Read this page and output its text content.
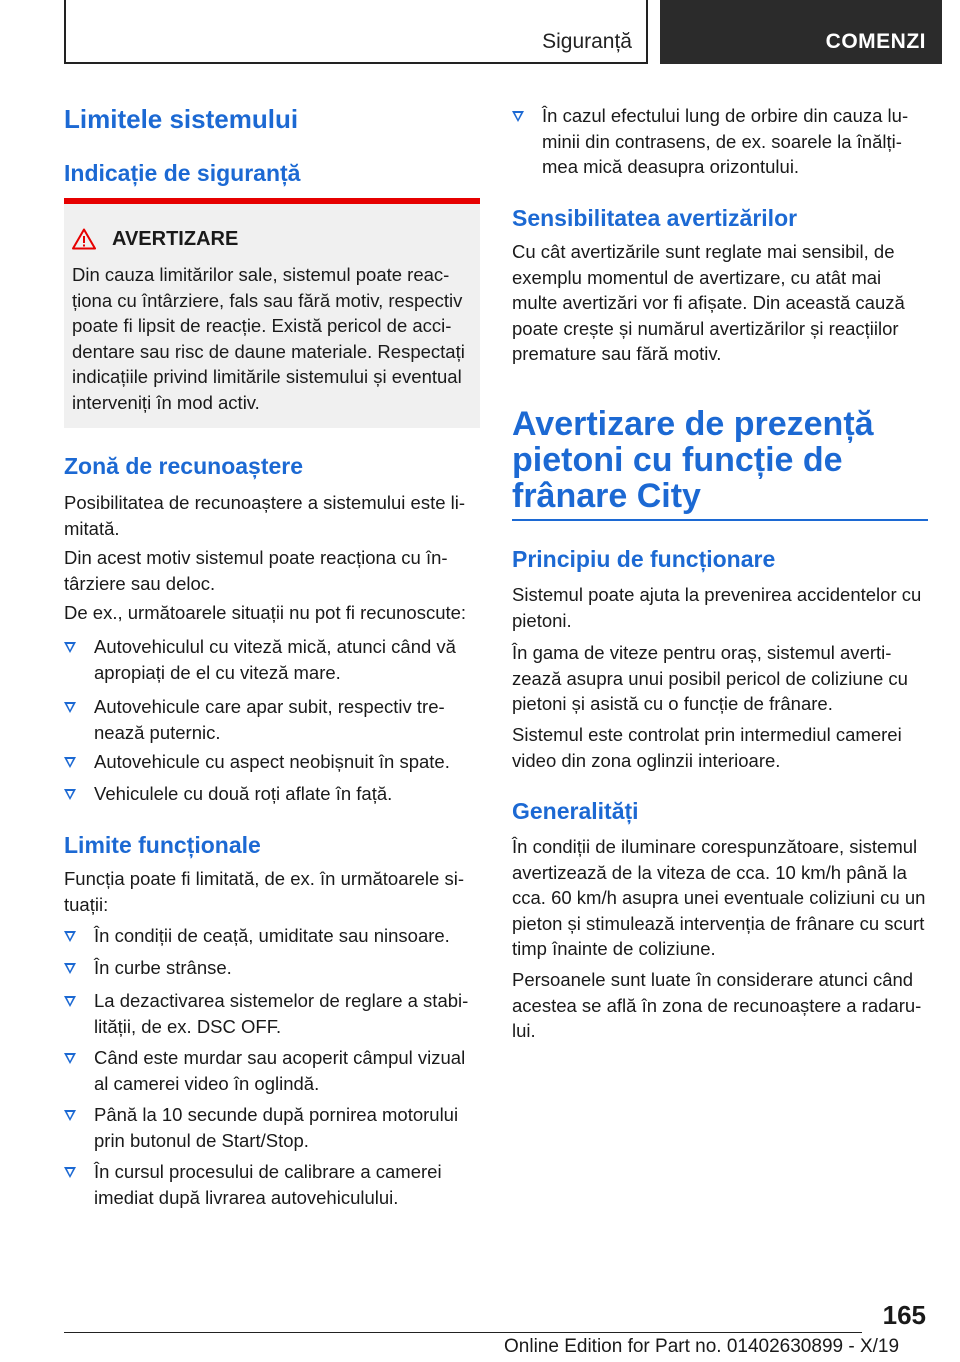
Siguranță	COMENZI
Limitele sistemului
Indicație de siguranță
AVERTIZARE
Din cauza limitărilor sale, sistemul poate reac-ționa cu întârziere, fals sau fără motiv, respectiv poate fi lipsit de reacție. Există pericol de acci-dentare sau risc de daune materiale. Respectați indicațiile privind limitările sistemului și eventual interveniți în mod activ.
Zonă de recunoaștere
Posibilitatea de recunoaștere a sistemului este li-mitată.
Din acest motiv sistemul poate reacționa cu în-târziere sau deloc.
De ex., următoarele situații nu pot fi recunoscute:
Autovehiculul cu viteză mică, atunci când vă apropiați de el cu viteză mare.
Autovehicule care apar subit, respectiv tre-nează puternic.
Autovehicule cu aspect neobișnuit în spate.
Vehiculele cu două roți aflate în față.
Limite funcționale
Funcția poate fi limitată, de ex. în următoarele si-tuații:
În condiții de ceață, umiditate sau ninsoare.
În curbe strânse.
La dezactivarea sistemelor de reglare a stabi-lității, de ex. DSC OFF.
Când este murdar sau acoperit câmpul vizual al camerei video în oglindă.
Până la 10 secunde după pornirea motorului prin butonul de Start/Stop.
În cursul procesului de calibrare a camerei imediat după livrarea autovehiculului.
În cazul efectului lung de orbire din cauza lu-minii din contrasens, de ex. soarele la înălți-mea mică deasupra orizontului.
Sensibilitatea avertizărilor
Cu cât avertizările sunt reglate mai sensibil, de exemplu momentul de avertizare, cu atât mai multe avertizări vor fi afișate. Din această cauză poate crește și numărul avertizărilor și reacțiilor premature sau fără motiv.
Avertizare de prezență pietoni cu funcție de frânare City
Principiu de funcționare
Sistemul poate ajuta la prevenirea accidentelor cu pietoni.
În gama de viteze pentru oraș, sistemul averti-zează asupra unui posibil pericol de coliziune cu pietoni și asistă cu o funcție de frânare.
Sistemul este controlat prin intermediul camerei video din zona oglinzii interioare.
Generalități
În condiții de iluminare corespunzătoare, sistemul avertizează de la viteza de cca. 10 km/h până la cca. 60 km/h asupra unei eventuale coliziuni cu un pieton și stimulează intervenția de frânare cu scurt timp înainte de coliziune.
Persoanele sunt luate în considerare atunci când acestea se află în zona de recunoaștere a radaru-lui.
165
Online Edition for Part no. 01402630899 - X/19
